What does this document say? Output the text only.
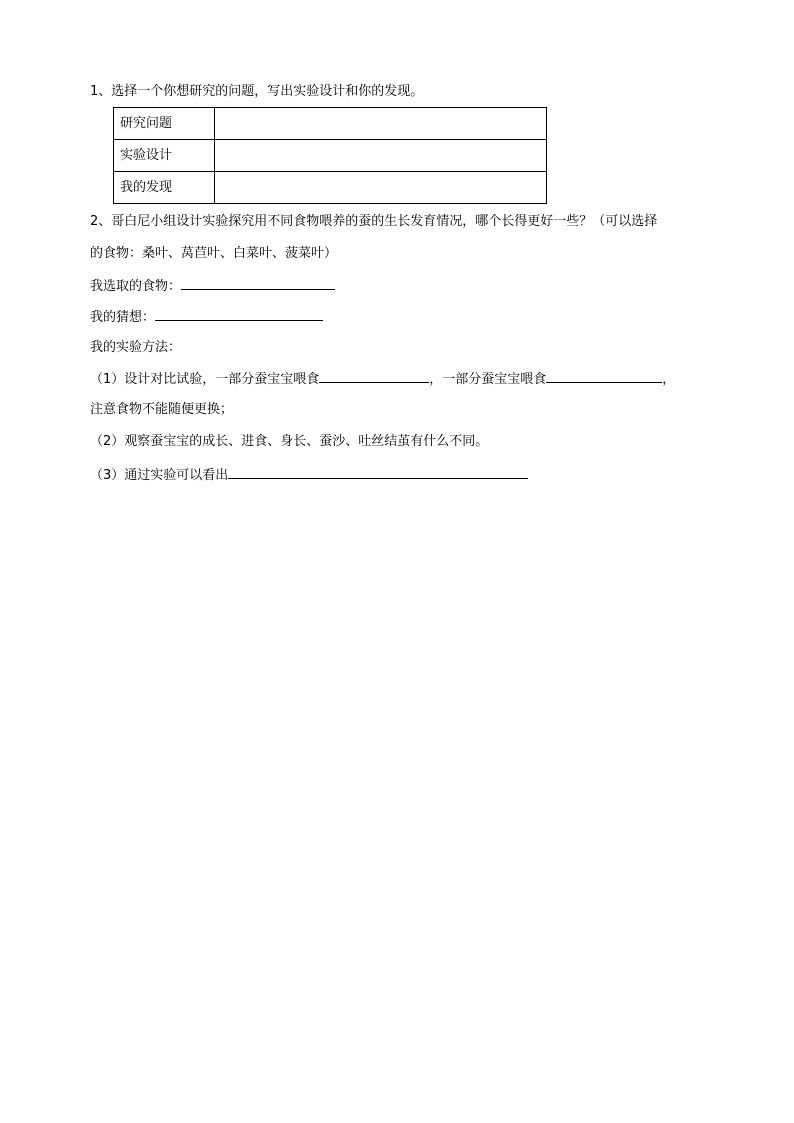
1、选择一个你想研究的问题，写出实验设计和你的发现。
研究问题	
实验设计	
我的发现	
2、哥白尼小组设计实验探究用不同食物喂养的蚕的生长发育情况，哪个长得更好一些？（可以选择
的食物：桑叶、莴苣叶、白菜叶、菠菜叶）
我选取的食物：
我的猜想：
我的实验方法：
（1）设计对比试验，一部分蚕宝宝喂食	，一部分蚕宝宝喂食	，
注意食物不能随便更换；
（2）观察蚕宝宝的成长、进食、身长、蚕沙、吐丝结茧有什么不同。
（3）通过实验可以看出
